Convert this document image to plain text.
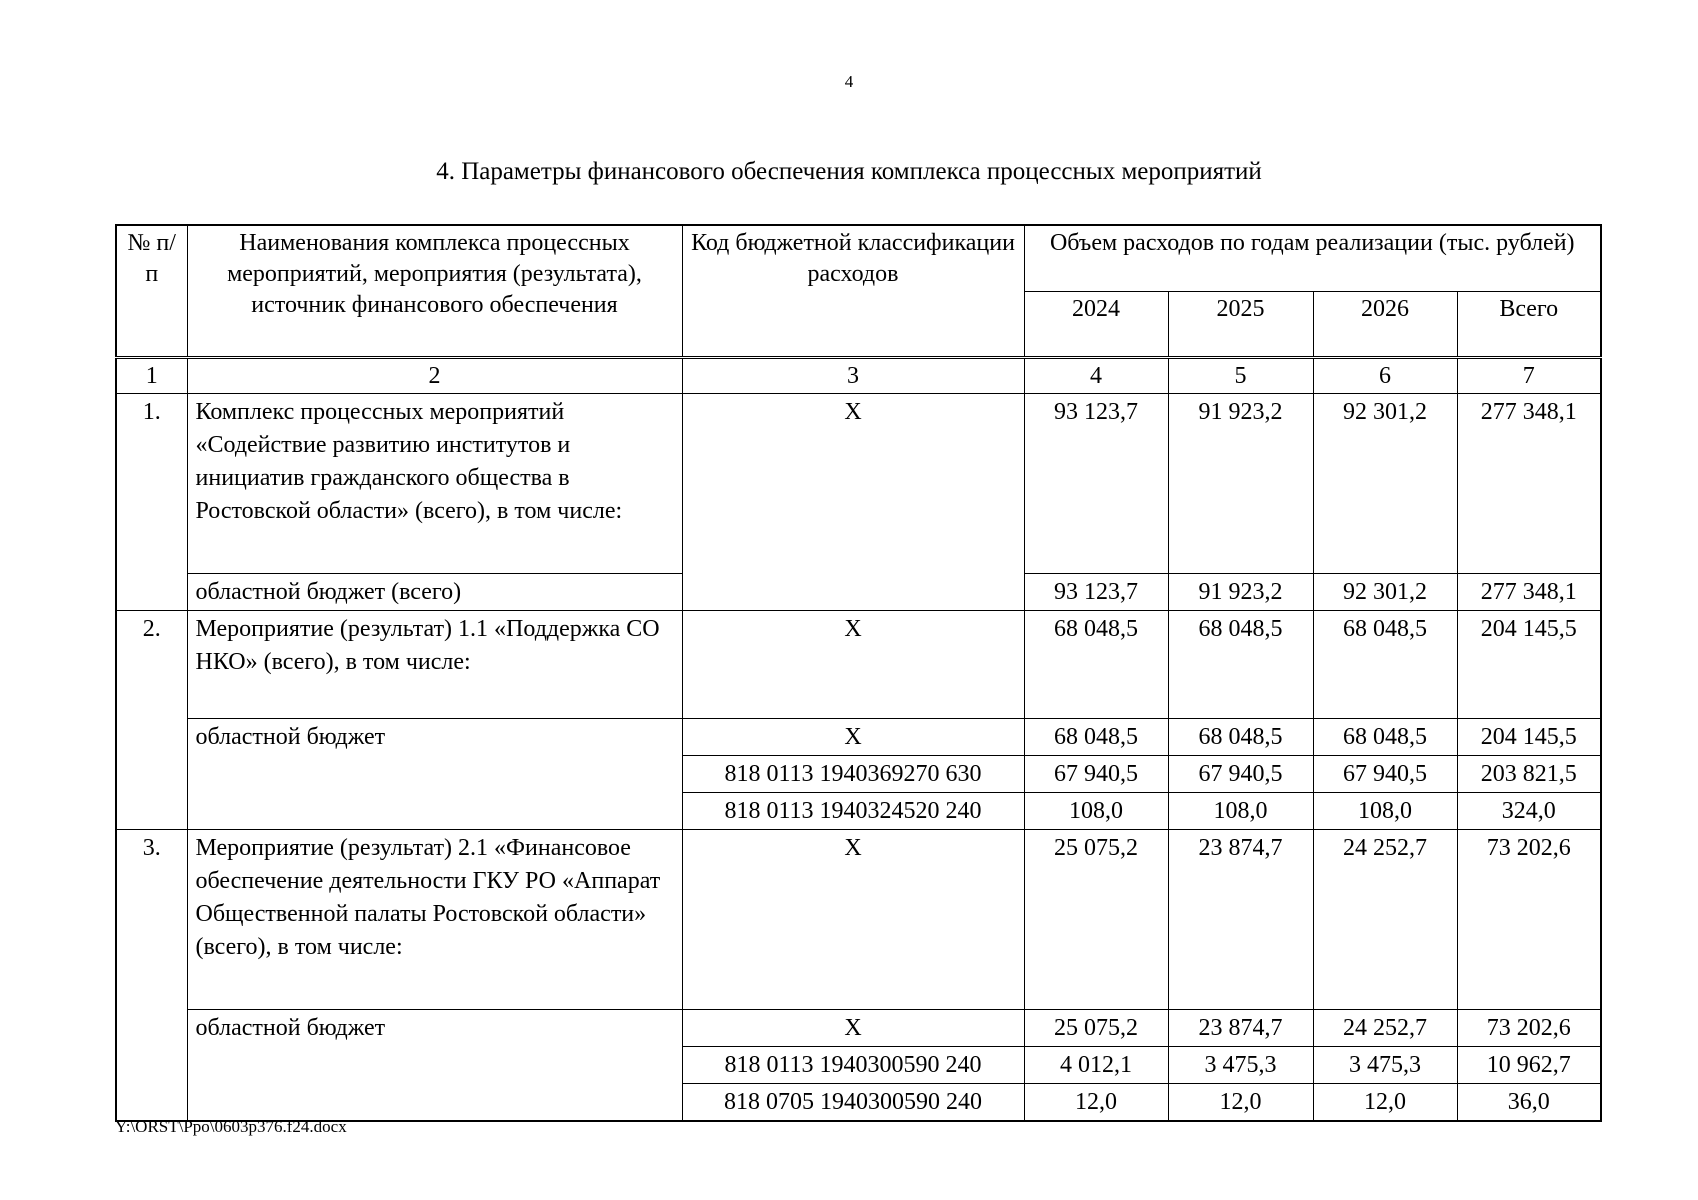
4
4. Параметры финансового обеспечения комплекса процессных мероприятий
№ п/п	Наименования комплекса процессных мероприятий, мероприятия (результата), источник финансового обеспечения	Код бюджетной классификации расходов	Объем расходов по годам реализации (тыс. рублей)			
			2024	2025	2026	Всего
1	2	3	4	5	6	7
1.	Комплекс процессных мероприятий «Содействие развитию институтов и инициатив гражданского общества в Ростовской области» (всего), в том числе:	X	93 123,7	91 923,2	92 301,2	277 348,1
	областной бюджет (всего)		93 123,7	91 923,2	92 301,2	277 348,1
2.	Мероприятие (результат) 1.1 «Поддержка СО НКО» (всего), в том числе:	X	68 048,5	68 048,5	68 048,5	204 145,5
	областной бюджет	X	68 048,5	68 048,5	68 048,5	204 145,5
		818 0113 1940369270 630	67 940,5	67 940,5	67 940,5	203 821,5
		818 0113 1940324520 240	108,0	108,0	108,0	324,0
3.	Мероприятие (результат) 2.1 «Финансовое обеспечение деятельности ГКУ РО «Аппарат Общественной палаты Ростовской области» (всего), в том числе:	X	25 075,2	23 874,7	24 252,7	73 202,6
	областной бюджет	X	25 075,2	23 874,7	24 252,7	73 202,6
		818 0113 1940300590 240	4 012,1	3 475,3	3 475,3	10 962,7
		818 0705 1940300590 240	12,0	12,0	12,0	36,0
Y:\ORST\Ppo\0603p376.f24.docx
